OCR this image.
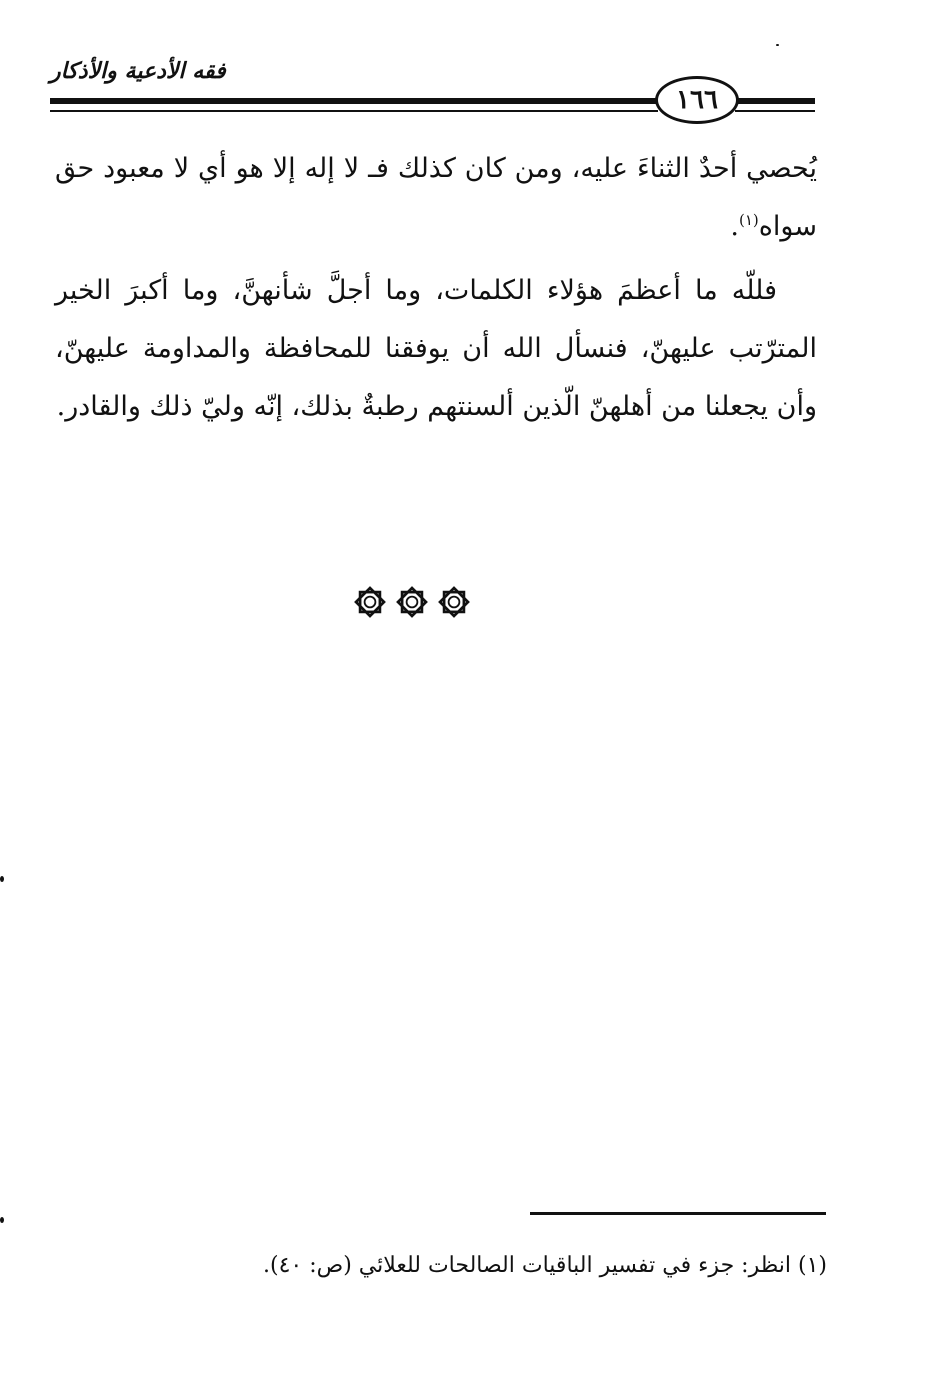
فقه الأدعية والأذكار
١٦٦

يُحصي أحدٌ الثناءَ عليه، ومن كان كذلك فـ لا إله إلا هو أي لا معبود حق سواه$^{(١)}$.

فللّه ما أعظمَ هؤلاء الكلمات، وما أجلَّ شأنهنَّ، وما أكبرَ الخير المترّتب عليهنّ، فنسأل الله أن يوفقنا للمحافظة والمداومة عليهنّ، وأن يجعلنا من أهلهنّ الّذين ألسنتهم رطبةٌ بذلك، إنّه وليّ ذلك والقادر.

(١) انظر: جزء في تفسير الباقيات الصالحات للعلائي (ص: ٤٠).
